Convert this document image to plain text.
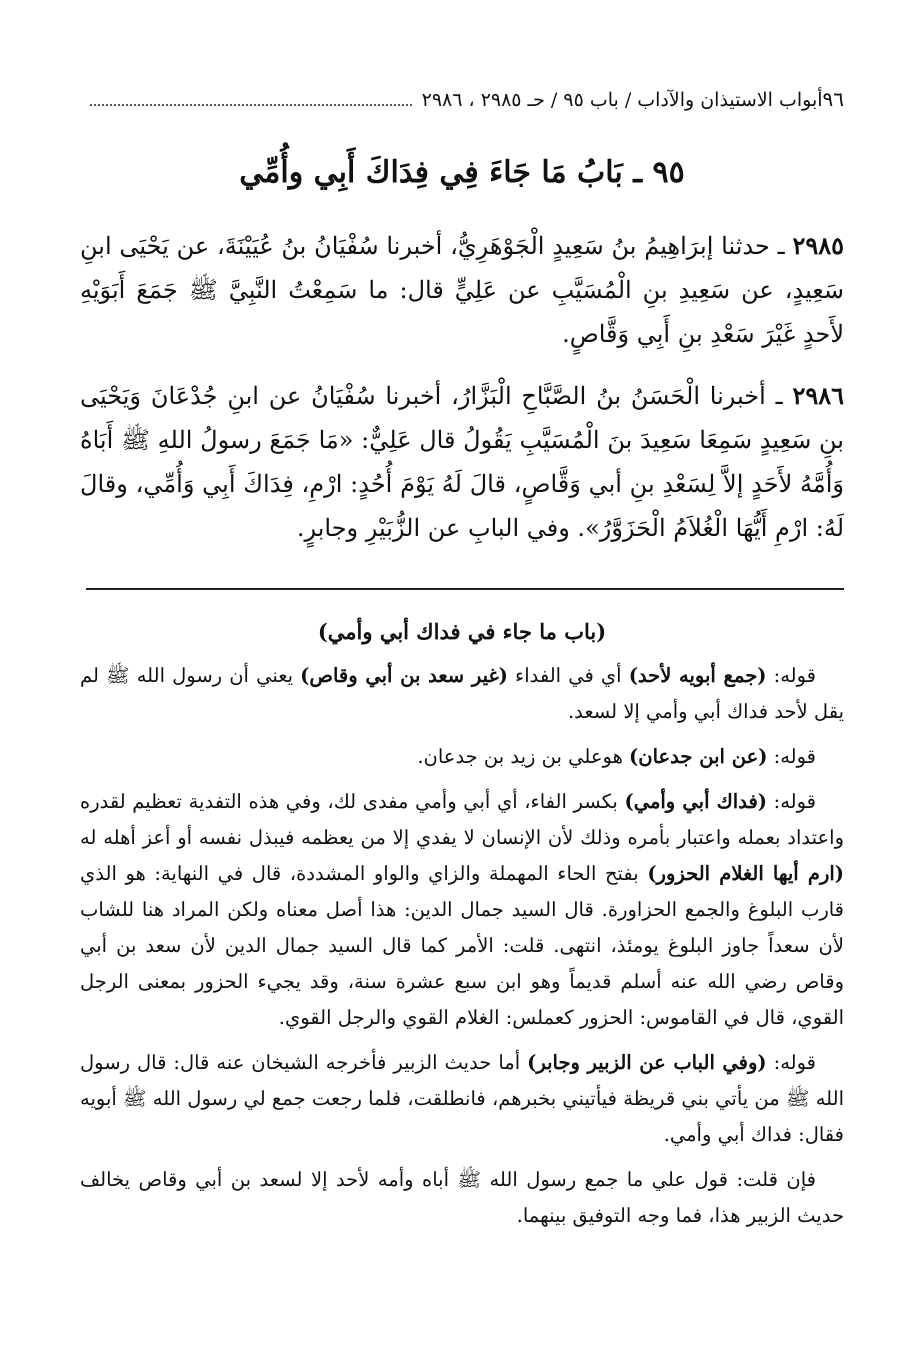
٩٦
أبواب الاستيذان والآداب / باب ٩٥ / حـ ٢٩٨٥ ، ٢٩٨٦
٩٥ ـ بَابُ مَا جَاءَ فِي فِدَاكَ أَبِي وأُمِّي
٢٩٨٥ ـ حدثنا إبرَاهِيمُ بنُ سَعِيدٍ الْجَوْهَرِيُّ، أخبرنا سُفْيَانُ بنُ عُيَيْنَةَ، عن يَحْيَى ابنِ سَعِيدٍ، عن سَعِيدِ بنِ الْمُسَيَّبِ عن عَلِيٍّ قال: ما سَمِعْتُ النَّبِيَّ ﷺ جَمَعَ أَبَوَيْهِ لأَحدٍ غَيْرَ سَعْدِ بنِ أَبِي وَقَّاصٍ.
٢٩٨٦ ـ أخبرنا الْحَسَنُ بنُ الصَّبَّاحِ الْبَزَّارُ، أخبرنا سُفْيَانُ عن ابنِ جُدْعَانَ وَيَحْيَى بنِ سَعِيدٍ سَمِعَا سَعِيدَ بنَ الْمُسَيَّبِ يَقُولُ قال عَلِيٌّ: «مَا جَمَعَ رسولُ اللهِ ﷺ أَبَاهُ وَأُمَّهُ لأَحَدٍ إلاَّ لِسَعْدِ بنِ أبي وَقَّاصٍ، قالَ لَهُ يَوْمَ أُحُدٍ: ارْمِ، فِدَاكَ أَبِي وَأُمِّي، وقالَ لَهُ: ارْمِ أَيُّهَا الْغُلاَمُ الْحَزَوَّرُ». وفي البابِ عن الزُّبَيْرِ وجابرٍ.
(باب ما جاء في فداك أبي وأمي)

قوله: (جمع أبويه لأحد) أي في الفداء (غير سعد بن أبي وقاص) يعني أن رسول الله ﷺ لم يقل لأحد فداك أبي وأمي إلا لسعد.

قوله: (عن ابن جدعان) هوعلي بن زيد بن جدعان.

قوله: (فداك أبي وأمي) بكسر الفاء، أي أبي وأمي مفدى لك، وفي هذه التفدية تعظيم لقدره واعتداد بعمله واعتبار بأمره وذلك لأن الإنسان لا يفدي إلا من يعظمه فيبذل نفسه أو أعز أهله له (ارم أيها الغلام الحزور) بفتح الحاء المهملة والزاي والواو المشددة، قال في النهاية: هو الذي قارب البلوغ والجمع الحزاورة. قال السيد جمال الدين: هذا أصل معناه ولكن المراد هنا للشاب لأن سعداً جاوز البلوغ يومئذ، انتهى. قلت: الأمر كما قال السيد جمال الدين لأن سعد بن أبي وقاص رضي الله عنه أسلم قديماً وهو ابن سبع عشرة سنة، وقد يجيء الحزور بمعنى الرجل القوي، قال في القاموس: الحزور كعملس: الغلام القوي والرجل القوي.

قوله: (وفي الباب عن الزبير وجابر) أما حديث الزبير فأخرجه الشيخان عنه قال: قال رسول الله ﷺ من يأتي بني قريظة فيأتيني بخبرهم، فانطلقت، فلما رجعت جمع لي رسول الله ﷺ أبويه فقال: فداك أبي وأمي.

فإن قلت: قول علي ما جمع رسول الله ﷺ أباه وأمه لأحد إلا لسعد بن أبي وقاص يخالف حديث الزبير هذا، فما وجه التوفيق بينهما.
